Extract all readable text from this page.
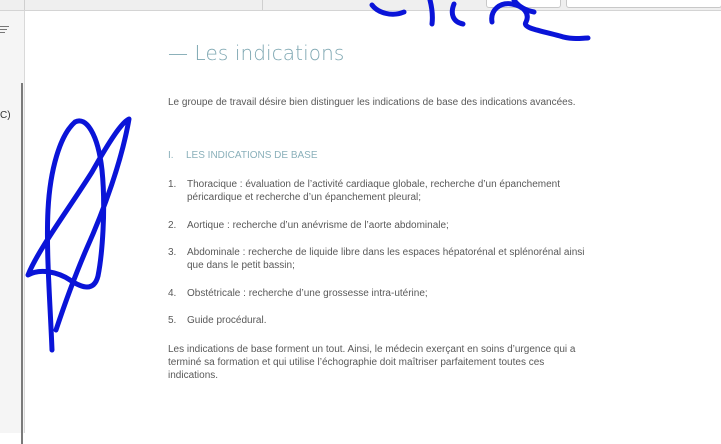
C)
— Les indications
Le groupe de travail désire bien distinguer les indications de base des indications avancées.
I. LES INDICATIONS DE BASE
1.	Thoracique : évaluation de l’activité cardiaque globale, recherche d’un épanchement péricardique et recherche d’un épanchement pleural;
2.	Aortique : recherche d’un anévrisme de l’aorte abdominale;
3.	Abdominale : recherche de liquide libre dans les espaces hépatorénal et splénorénal ainsi que dans le petit bassin;
4.	Obstétricale : recherche d’une grossesse intra-utérine;
5.	Guide procédural.
Les indications de base forment un tout. Ainsi, le médecin exerçant en soins d’urgence qui a terminé sa formation et qui utilise l’échographie doit maîtriser parfaitement toutes ces indications.
